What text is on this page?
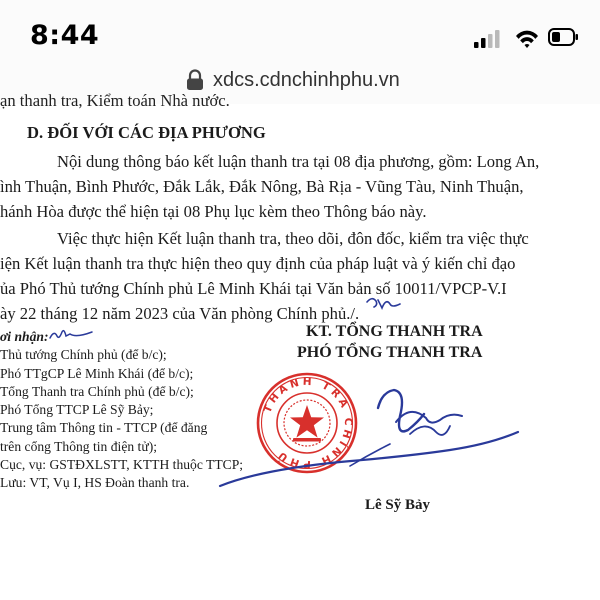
8:44
xdcs.cdnchinhphu.vn
ạn thanh tra, Kiểm toán Nhà nước.
D. ĐỐI VỚI CÁC ĐỊA PHƯƠNG
Nội dung thông báo kết luận thanh tra tại 08 địa phương, gồm: Long An,
ình Thuận, Bình Phước, Đắk Lắk, Đắk Nông, Bà Rịa - Vũng Tàu, Ninh Thuận,
hánh Hòa được thể hiện tại 08 Phụ lục kèm theo Thông báo này.
Việc thực hiện Kết luận thanh tra, theo dõi, đôn đốc, kiểm tra việc thực
iện Kết luận thanh tra thực hiện theo quy định của pháp luật và ý kiến chỉ đạo
ủa Phó Thủ tướng Chính phủ Lê Minh Khái tại Văn bản số 10011/VPCP-V.I
ày 22 tháng 12 năm 2023 của Văn phòng Chính phủ./.
KT. TỔNG THANH TRA
PHÓ TỔNG THANH TRA
ơi nhận:
Thủ tướng Chính phủ (để b/c);
Phó TTgCP Lê Minh Khái (để b/c);
Tổng Thanh tra Chính phủ (để b/c);
Phó Tổng TTCP Lê Sỹ Bảy;
Trung tâm Thông tin - TTCP (để đăng
trên cổng Thông tin điện tử);
Cục, vụ: GSTĐXLSTT, KTTH thuộc TTCP;
Lưu: VT, Vụ I, HS Đoàn thanh tra.
THANH TRA CHÍNH PHỦ
Lê Sỹ Bảy
